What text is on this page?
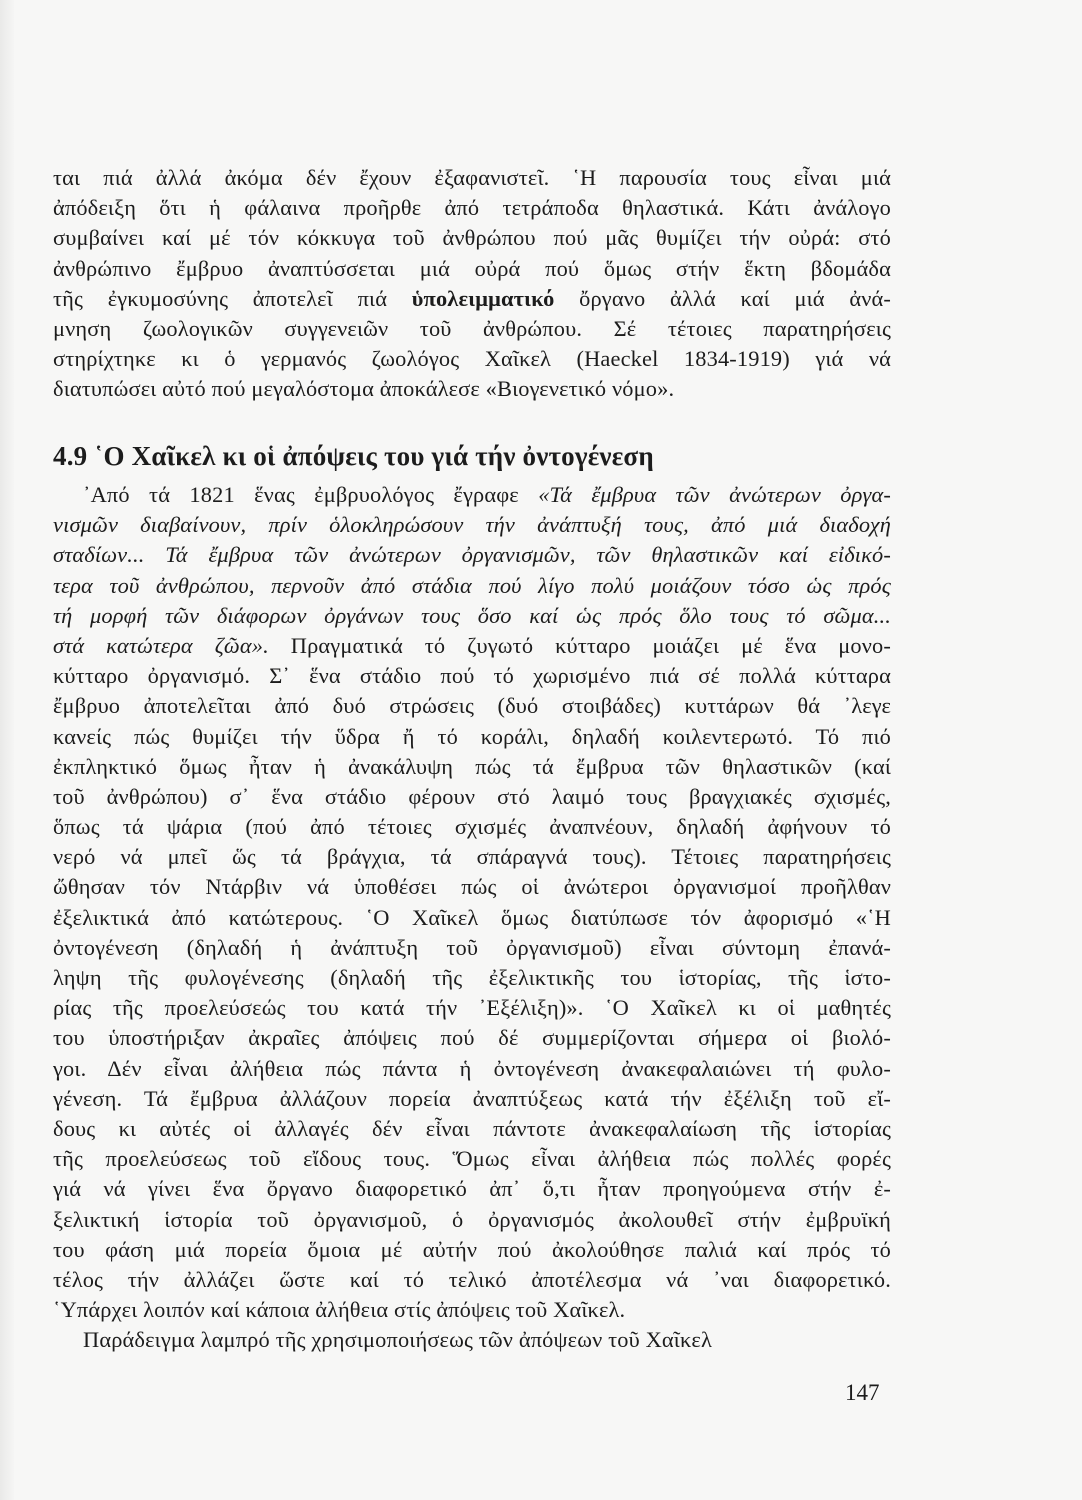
ται πιά ἀλλά ἀκόμα δέν ἔχουν ἐξαφανιστεῖ. ῾Η παρουσία τους εἶναι μιά
ἀπόδειξη ὅτι ἡ φάλαινα προῆρθε ἀπό τετράποδα θηλαστικά. Κάτι ἀνάλογο
συμβαίνει καί μέ τόν κόκκυγα τοῦ ἀνθρώπου πού μᾶς θυμίζει τήν οὐρά: στό
ἀνθρώπινο ἔμβρυο ἀναπτύσσεται μιά οὐρά πού ὅμως στήν ἕκτη βδομάδα
τῆς ἐγκυμοσύνης ἀποτελεῖ πιά ὑπολειμματικό ὄργανο ἀλλά καί μιά ἀνά-
μνηση ζωολογικῶν συγγενειῶν τοῦ ἀνθρώπου. Σέ τέτοιες παρατηρήσεις
στηρίχτηκε κι ὁ γερμανός ζωολόγος Χαῖκελ (Haeckel 1834-1919) γιά νά
διατυπώσει αὐτό πού μεγαλόστομα ἀποκάλεσε «Βιογενετικό νόμο».
4.9 ῾Ο Χαῖκελ κι οἱ ἀπόψεις του γιά τήν ὀντογένεση
᾽Από τά 1821 ἕνας ἐμβρυολόγος ἔγραφε «Τά ἔμβρυα τῶν ἀνώτερων ὀργα-
νισμῶν διαβαίνουν, πρίν ὁλοκληρώσουν τήν ἀνάπτυξή τους, ἀπό μιά διαδοχή
σταδίων... Τά ἔμβρυα τῶν ἀνώτερων ὀργανισμῶν, τῶν θηλαστικῶν καί εἰδικό-
τερα τοῦ ἀνθρώπου, περνοῦν ἀπό στάδια πού λίγο πολύ μοιάζουν τόσο ὡς πρός
τή μορφή τῶν διάφορων ὀργάνων τους ὅσο καί ὡς πρός ὅλο τους τό σῶμα...
στά κατώτερα ζῶα». Πραγματικά τό ζυγωτό κύτταρο μοιάζει μέ ἕνα μονο-
κύτταρο ὀργανισμό. Σ᾽ ἕνα στάδιο πού τό χωρισμένο πιά σέ πολλά κύτταρα
ἔμβρυο ἀποτελεῖται ἀπό δυό στρώσεις (δυό στοιβάδες) κυττάρων θά ᾽λεγε
κανείς πώς θυμίζει τήν ὕδρα ἤ τό κοράλι, δηλαδή κοιλεντερωτό. Τό πιό
ἐκπληκτικό ὅμως ἦταν ἡ ἀνακάλυψη πώς τά ἔμβρυα τῶν θηλαστικῶν (καί
τοῦ ἀνθρώπου) σ᾽ ἕνα στάδιο φέρουν στό λαιμό τους βραγχιακές σχισμές,
ὅπως τά ψάρια (πού ἀπό τέτοιες σχισμές ἀναπνέουν, δηλαδή ἀφήνουν τό
νερό νά μπεῖ ὥς τά βράγχια, τά σπάραγνά τους). Τέτοιες παρατηρήσεις
ὤθησαν τόν Ντάρβιν νά ὑποθέσει πώς οἱ ἀνώτεροι ὀργανισμοί προῆλθαν
ἐξελικτικά ἀπό κατώτερους. ῾Ο Χαῖκελ ὅμως διατύπωσε τόν ἀφορισμό «῾Η
ὀντογένεση (δηλαδή ἡ ἀνάπτυξη τοῦ ὀργανισμοῦ) εἶναι σύντομη ἐπανά-
ληψη τῆς φυλογένεσης (δηλαδή τῆς ἐξελικτικῆς του ἱστορίας, τῆς ἱστο-
ρίας τῆς προελεύσεώς του κατά τήν ᾽Εξέλιξη)». ῾Ο Χαῖκελ κι οἱ μαθητές
του ὑποστήριξαν ἀκραῖες ἀπόψεις πού δέ συμμερίζονται σήμερα οἱ βιολό-
γοι. Δέν εἶναι ἀλήθεια πώς πάντα ἡ ὀντογένεση ἀνακεφαλαιώνει τή φυλο-
γένεση. Τά ἔμβρυα ἀλλάζουν πορεία ἀναπτύξεως κατά τήν ἐξέλιξη τοῦ εἴ-
δους κι αὐτές οἱ ἀλλαγές δέν εἶναι πάντοτε ἀνακεφαλαίωση τῆς ἱστορίας
τῆς προελεύσεως τοῦ εἴδους τους. Ὅμως εἶναι ἀλήθεια πώς πολλές φορές
γιά νά γίνει ἕνα ὄργανο διαφορετικό ἀπ᾽ ὅ,τι ἦταν προηγούμενα στήν ἐ-
ξελικτική ἱστορία τοῦ ὀργανισμοῦ, ὁ ὀργανισμός ἀκολουθεῖ στήν ἐμβρυϊκή
του φάση μιά πορεία ὅμοια μέ αὐτήν πού ἀκολούθησε παλιά καί πρός τό
τέλος τήν ἀλλάζει ὥστε καί τό τελικό ἀποτέλεσμα νά ᾽ναι διαφορετικό.
῾Υπάρχει λοιπόν καί κάποια ἀλήθεια στίς ἀπόψεις τοῦ Χαῖκελ.
Παράδειγμα λαμπρό τῆς χρησιμοποιήσεως τῶν ἀπόψεων τοῦ Χαῖκελ
147
